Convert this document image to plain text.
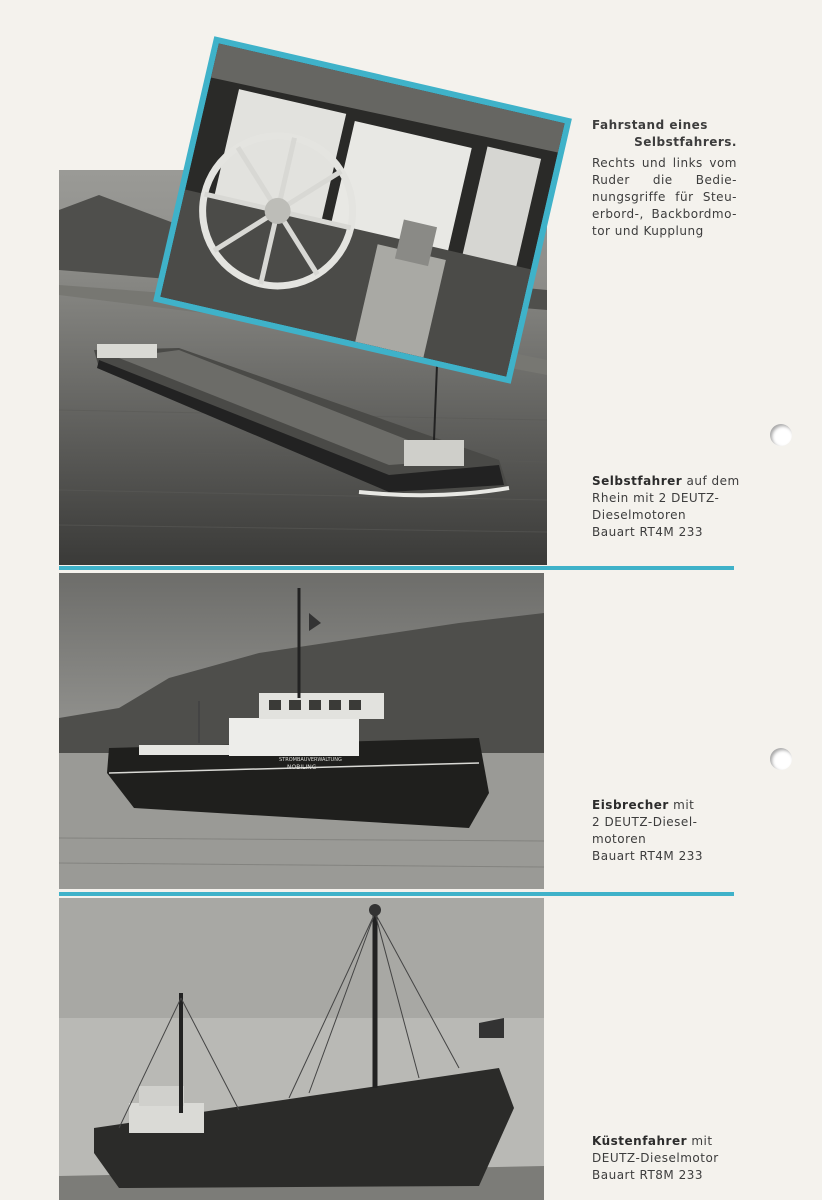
STROMBAUVERWALTUNG
NOBILING
Fahrstand eines
Selbstfahrers.
Rechts und links vom
Ruder die Bedie-
nungsgriffe für Steu-
erbord-, Backbordmo-
tor und Kupplung
Selbstfahrer auf dem
Rhein mit 2 DEUTZ-
Dieselmotoren
Bauart RT4M 233
Eisbrecher mit
2 DEUTZ-Diesel-
motoren
Bauart RT4M 233
Küstenfahrer mit
DEUTZ-Dieselmotor
Bauart RT8M 233
